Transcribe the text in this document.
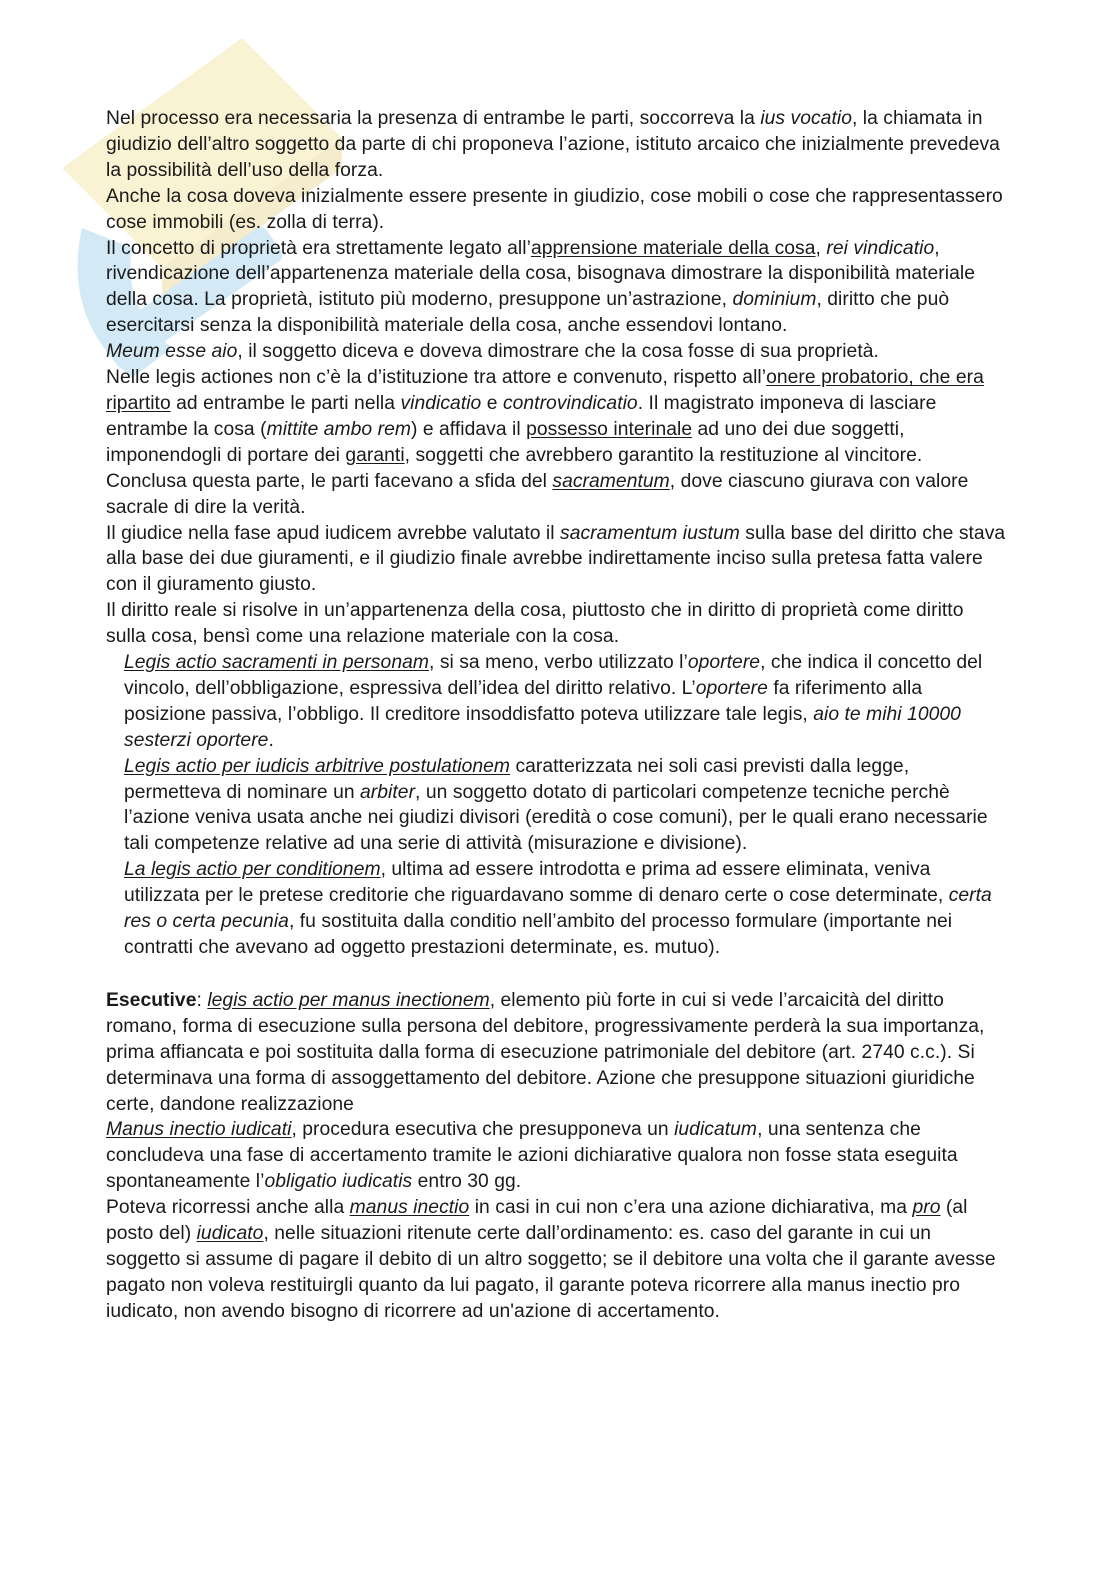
Nel processo era necessaria la presenza di entrambe le parti, soccorreva la ius vocatio, la chiamata in giudizio dell’altro soggetto da parte di chi proponeva l’azione, istituto arcaico che inizialmente prevedeva la possibilità dell’uso della forza.

Anche la cosa doveva inizialmente essere presente in giudizio, cose mobili o cose che rappresentassero cose immobili (es. zolla di terra).

Il concetto di proprietà era strettamente legato all’apprensione materiale della cosa, rei vindicatio, rivendicazione dell’appartenenza materiale della cosa, bisognava dimostrare la disponibilità materiale della cosa. La proprietà, istituto più moderno, presuppone un’astrazione, dominium, diritto che può esercitarsi senza la disponibilità materiale della cosa, anche essendovi lontano.

Meum esse aio, il soggetto diceva e doveva dimostrare che la cosa fosse di sua proprietà.

Nelle legis actiones non c’è la d’istituzione tra attore e convenuto, rispetto all’onere probatorio, che era ripartito ad entrambe le parti nella vindicatio e controvindicatio. Il magistrato imponeva di lasciare entrambe la cosa (mittite ambo rem) e affidava il possesso interinale ad uno dei due soggetti, imponendogli di portare dei garanti, soggetti che avrebbero garantito la restituzione al vincitore. Conclusa questa parte, le parti facevano a sfida del sacramentum, dove ciascuno giurava con valore sacrale di dire la verità.

Il giudice nella fase apud iudicem avrebbe valutato il sacramentum iustum sulla base del diritto che stava alla base dei due giuramenti, e il giudizio finale avrebbe indirettamente inciso sulla pretesa fatta valere con il giuramento giusto.

Il diritto reale si risolve in un’appartenenza della cosa, piuttosto che in diritto di proprietà come diritto sulla cosa, bensì come una relazione materiale con la cosa.

Legis actio sacramenti in personam, si sa meno, verbo utilizzato l’oportere, che indica il concetto del vincolo, dell’obbligazione, espressiva dell’idea del diritto relativo. L’oportere fa riferimento alla posizione passiva, l’obbligo. Il creditore insoddisfatto poteva utilizzare tale legis, aio te mihi 10000 sesterzi oportere.

Legis actio per iudicis arbitrive postulationem caratterizzata nei soli casi previsti dalla legge, permetteva di nominare un arbiter, un soggetto dotato di particolari competenze tecniche perchè l’azione veniva usata anche nei giudizi divisori (eredità o cose comuni), per le quali erano necessarie tali competenze relative ad una serie di attività (misurazione e divisione).

La legis actio per conditionem, ultima ad essere introdotta e prima ad essere eliminata, veniva utilizzata per le pretese creditorie che riguardavano somme di denaro certe o cose determinate, certa res o certa pecunia, fu sostituita dalla conditio nell’ambito del processo formulare (importante nei contratti che avevano ad oggetto prestazioni determinate, es. mutuo).

Esecutive: legis actio per manus inectionem, elemento più forte in cui si vede l’arcaicità del diritto romano, forma di esecuzione sulla persona del debitore, progressivamente perderà la sua importanza, prima affiancata e poi sostituita dalla forma di esecuzione patrimoniale del debitore (art. 2740 c.c.). Si determinava una forma di assoggettamento del debitore. Azione che presuppone situazioni giuridiche certe, dandone realizzazione

Manus inectio iudicati, procedura esecutiva che presupponeva un iudicatum, una sentenza che concludeva una fase di accertamento tramite le azioni dichiarative qualora non fosse stata eseguita spontaneamente l’obligatio iudicatis entro 30 gg.

Poteva ricorressi anche alla manus inectio in casi in cui non c’era una azione dichiarativa, ma pro (al posto del) iudicato, nelle situazioni ritenute certe dall’ordinamento: es. caso del garante in cui un soggetto si assume di pagare il debito di un altro soggetto; se il debitore una volta che il garante avesse pagato non voleva restituirgli quanto da lui pagato, il garante poteva ricorrere alla manus inectio pro iudicato, non avendo bisogno di ricorrere ad un'azione di accertamento.
